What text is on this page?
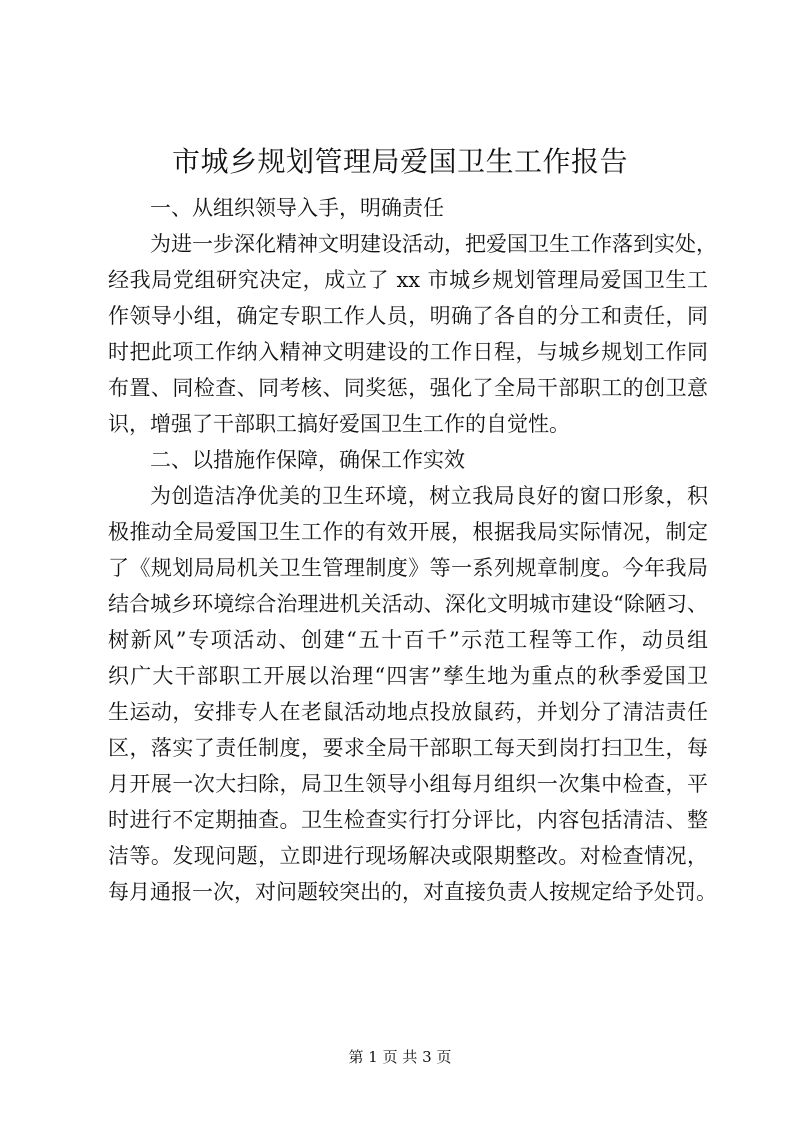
市城乡规划管理局爱国卫生工作报告
一、从组织领导入手，明确责任
为进一步深化精神文明建设活动，把爱国卫生工作落到实处，
经我局党组研究决定，成立了 xx 市城乡规划管理局爱国卫生工
作领导小组，确定专职工作人员，明确了各自的分工和责任，同
时把此项工作纳入精神文明建设的工作日程，与城乡规划工作同
布置、同检查、同考核、同奖惩，强化了全局干部职工的创卫意
识，增强了干部职工搞好爱国卫生工作的自觉性。
二、以措施作保障，确保工作实效
为创造洁净优美的卫生环境，树立我局良好的窗口形象，积
极推动全局爱国卫生工作的有效开展，根据我局实际情况，制定
了《规划局局机关卫生管理制度》等一系列规章制度。今年我局
结合城乡环境综合治理进机关活动、深化文明城市建设“除陋习、
树新风”专项活动、创建“五十百千”示范工程等工作，动员组
织广大干部职工开展以治理“四害”孳生地为重点的秋季爱国卫
生运动，安排专人在老鼠活动地点投放鼠药，并划分了清洁责任
区，落实了责任制度，要求全局干部职工每天到岗打扫卫生，每
月开展一次大扫除，局卫生领导小组每月组织一次集中检查，平
时进行不定期抽查。卫生检查实行打分评比，内容包括清洁、整
洁等。发现问题，立即进行现场解决或限期整改。对检查情况，
每月通报一次，对问题较突出的，对直接负责人按规定给予处罚。
第 1 页 共 3 页
